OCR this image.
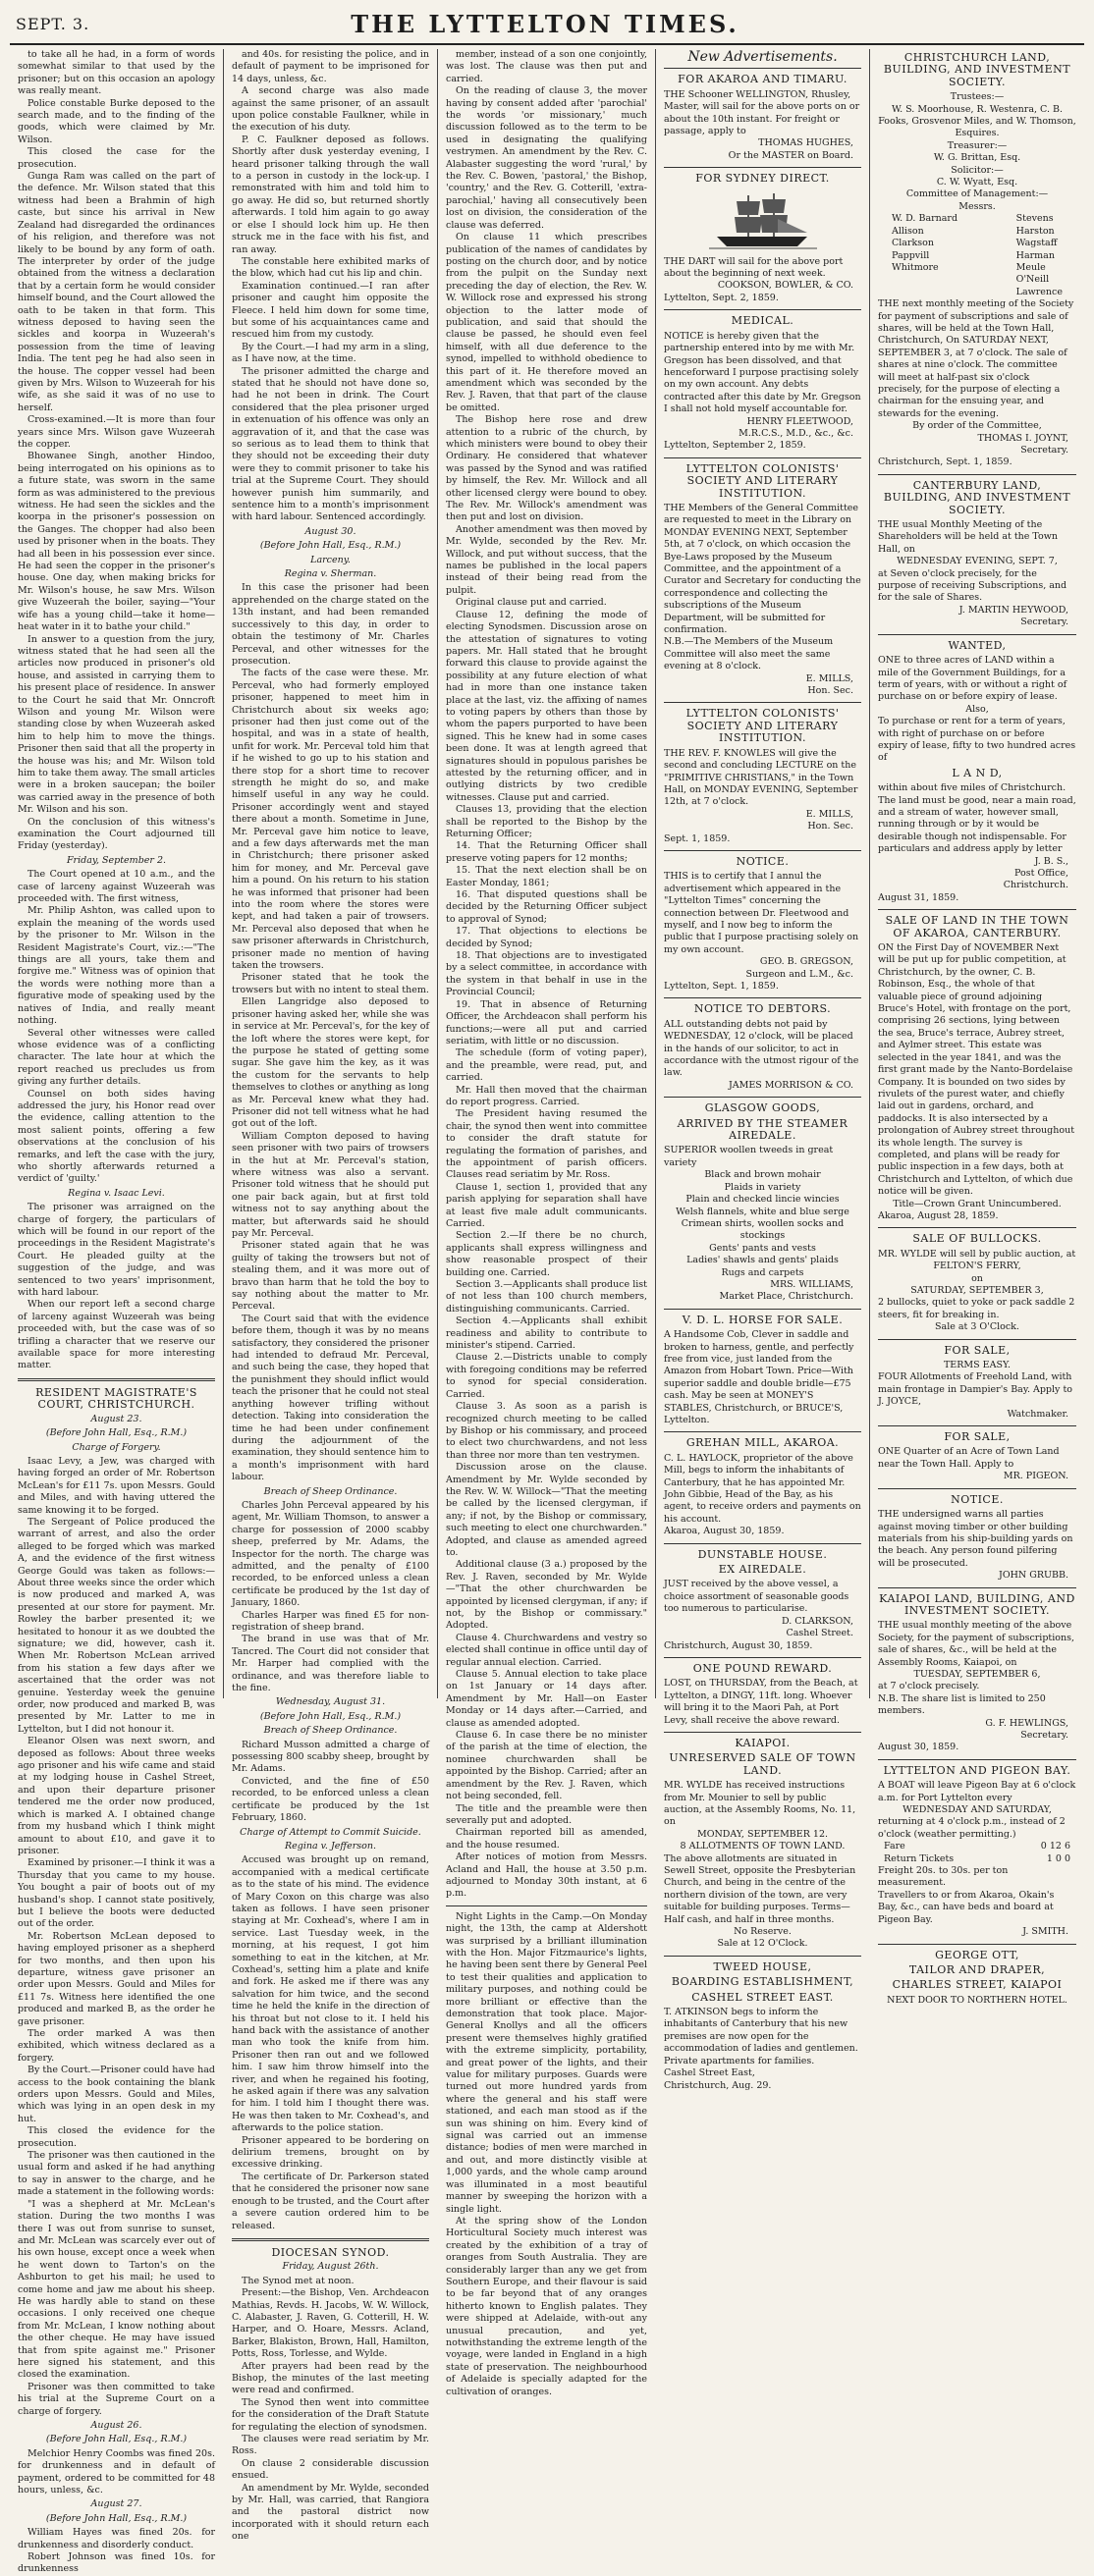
SEPT. 3.	THE LYTTELTON TIMES.

to take all he had, in a form of words somewhat similar to that used by the prisoner; but on this occasion an apology was really meant.

Police constable Burke deposed to the search made, and to the finding of the goods, which were claimed by Mr. Wilson.

This closed the case for the prosecution.

Gunga Ram was called on the part of the defence. Mr. Wilson stated that this witness had been a Brahmin of high caste, but since his arrival in New Zealand had disregarded the ordinances of his religion, and therefore was not likely to be bound by any form of oath. The interpreter by order of the judge obtained from the witness a declaration that by a certain form he would consider himself bound, and the Court allowed the oath to be taken in that form. This witness deposed to having seen the sickles and koorpa in Wuzeerah's possession from the time of leaving India. The tent peg he had also seen in the house. The copper vessel had been given by Mrs. Wilson to Wuzeerah for his wife, as she said it was of no use to herself.

Cross-examined.—It is more than four years since Mrs. Wilson gave Wuzeerah the copper.

Bhowanee Singh, another Hindoo, being interrogated on his opinions as to a future state, was sworn in the same form as was administered to the previous witness. He had seen the sickles and the koorpa in the prisoner's possession on the Ganges. The chopper had also been used by prisoner when in the boats. They had all been in his possession ever since. He had seen the copper in the prisoner's house. One day, when making bricks for Mr. Wilson's house, he saw Mrs. Wilson give Wuzeerah the boiler, saying—"Your wife has a young child—take it home—heat water in it to bathe your child."

In answer to a question from the jury, witness stated that he had seen all the articles now produced in prisoner's old house, and assisted in carrying them to his present place of residence. In answer to the Court he said that Mr. Onncroft Wilson and young Mr. Wilson were standing close by when Wuzeerah asked him to help him to move the things. Prisoner then said that all the property in the house was his; and Mr. Wilson told him to take them away. The small articles were in a broken saucepan; the boiler was carried away in the presence of both Mr. Wilson and his son.

On the conclusion of this witness's examination the Court adjourned till Friday (yesterday).

Friday, September 2.

The Court opened at 10 a.m., and the case of larceny against Wuzeerah was proceeded with. The first witness,

Mr. Philip Ashton, was called upon to explain the meaning of the words used by the prisoner to Mr. Wilson in the Resident Magistrate's Court, viz.:—"The things are all yours, take them and forgive me." Witness was of opinion that the words were nothing more than a figurative mode of speaking used by the natives of India, and really meant nothing.

Several other witnesses were called whose evidence was of a conflicting character. The late hour at which the report reached us precludes us from giving any further details.

Counsel on both sides having addressed the jury, his Honor read over the evidence, calling attention to the most salient points, offering a few observations at the conclusion of his remarks, and left the case with the jury, who shortly afterwards returned a verdict of 'guilty.'

Regina v. Isaac Levi.

The prisoner was arraigned on the charge of forgery, the particulars of which will be found in our report of the proceedings in the Resident Magistrate's Court. He pleaded guilty at the suggestion of the judge, and was sentenced to two years' imprisonment, with hard labour.

When our report left a second charge of larceny against Wuzeerah was being proceeded with, but the case was of so trifling a character that we reserve our available space for more interesting matter.

RESIDENT MAGISTRATE'S COURT, CHRISTCHURCH.
August 23.
(Before John Hall, Esq., R.M.)
Charge of Forgery.

Isaac Levy, a Jew, was charged with having forged an order of Mr. Robertson McLean's for £11 7s. upon Messrs. Gould and Miles, and with having uttered the same knowing it to be forged.

The Sergeant of Police produced the warrant of arrest, and also the order alleged to be forged which was marked A, and the evidence of the first witness George Gould was taken as follows:—About three weeks since the order which is now produced and marked A, was presented at our store for payment. Mr. Rowley the barber presented it; we hesitated to honour it as we doubted the signature; we did, however, cash it. When Mr. Robertson McLean arrived from his station a few days after we ascertained that the order was not genuine. Yesterday week the genuine order, now produced and marked B, was presented by Mr. Latter to me in Lyttelton, but I did not honour it.

Eleanor Olsen was next sworn, and deposed as follows: About three weeks ago prisoner and his wife came and staid at my lodging house in Cashel Street, and upon their departure prisoner tendered me the order now produced, which is marked A. I obtained change from my husband which I think might amount to about £10, and gave it to prisoner.

Examined by prisoner.—I think it was a Thursday that you came to my house. You bought a pair of boots out of my husband's shop. I cannot state positively, but I believe the boots were deducted out of the order.

Mr. Robertson McLean deposed to having employed prisoner as a shepherd for two months, and then upon his departure, witness gave prisoner an order upon Messrs. Gould and Miles for £11 7s. Witness here identified the one produced and marked B, as the order he gave prisoner.

The order marked A was then exhibited, which witness declared as a forgery.

By the Court.—Prisoner could have had access to the book containing the blank orders upon Messrs. Gould and Miles, which was lying in an open desk in my hut.

This closed the evidence for the prosecution.

The prisoner was then cautioned in the usual form and asked if he had anything to say in answer to the charge, and he made a statement in the following words:

"I was a shepherd at Mr. McLean's station. During the two months I was there I was out from sunrise to sunset, and Mr. McLean was scarcely ever out of his own house, except once a week when he went down to Tarton's on the Ashburton to get his mail; he used to come home and jaw me about his sheep. He was hardly able to stand on these occasions. I only received one cheque from Mr. McLean, I know nothing about the other cheque. He may have issued that from spite against me." Prisoner here signed his statement, and this closed the examination.

Prisoner was then committed to take his trial at the Supreme Court on a charge of forgery.

August 26.
(Before John Hall, Esq., R.M.)

Melchior Henry Coombs was fined 20s. for drunkenness and in default of payment, ordered to be committed for 48 hours, unless, &c.

August 27.
(Before John Hall, Esq., R.M.)

William Hayes was fined 20s. for drunkenness and disorderly conduct.

Robert Johnson was fined 10s. for drunkenness

and 40s. for resisting the police, and in default of payment to be imprisoned for 14 days, unless, &c.

A second charge was also made against the same prisoner, of an assault upon police constable Faulkner, while in the execution of his duty.

P. C. Faulkner deposed as follows. Shortly after dusk yesterday evening, I heard prisoner talking through the wall to a person in custody in the lock-up. I remonstrated with him and told him to go away. He did so, but returned shortly afterwards. I told him again to go away or else I should lock him up. He then struck me in the face with his fist, and ran away.

The constable here exhibited marks of the blow, which had cut his lip and chin.

Examination continued.—I ran after prisoner and caught him opposite the Fleece. I held him down for some time, but some of his acquaintances came and rescued him from my custody.

By the Court.—I had my arm in a sling, as I have now, at the time.

The prisoner admitted the charge and stated that he should not have done so, had he not been in drink. The Court considered that the plea prisoner urged in extenuation of his offence was only an aggravation of it, and that the case was so serious as to lead them to think that they should not be exceeding their duty were they to commit prisoner to take his trial at the Supreme Court. They should however punish him summarily, and sentence him to a month's imprisonment with hard labour. Sentenced accordingly.

August 30.
(Before John Hall, Esq., R.M.)
Larceny.
Regina v. Sherman.

In this case the prisoner had been apprehended on the charge stated on the 13th instant, and had been remanded successively to this day, in order to obtain the testimony of Mr. Charles Perceval, and other witnesses for the prosecution.

The facts of the case were these. Mr. Perceval, who had formerly employed prisoner, happened to meet him in Christchurch about six weeks ago; prisoner had then just come out of the hospital, and was in a state of health, unfit for work. Mr. Perceval told him that if he wished to go up to his station and there stop for a short time to recover strength he might do so, and make himself useful in any way he could. Prisoner accordingly went and stayed there about a month. Sometime in June, Mr. Perceval gave him notice to leave, and a few days afterwards met the man in Christchurch; there prisoner asked him for money, and Mr. Perceval gave him a pound. On his return to his station he was informed that prisoner had been into the room where the stores were kept, and had taken a pair of trowsers. Mr. Perceval also deposed that when he saw prisoner afterwards in Christchurch, prisoner made no mention of having taken the trowsers.

Prisoner stated that he took the trowsers but with no intent to steal them.

Ellen Langridge also deposed to prisoner having asked her, while she was in service at Mr. Perceval's, for the key of the loft where the stores were kept, for the purpose he stated of getting some sugar. She gave him the key, as it was the custom for the servants to help themselves to clothes or anything as long as Mr. Perceval knew what they had. Prisoner did not tell witness what he had got out of the loft.

William Compton deposed to having seen prisoner with two pairs of trowsers in the hut at Mr. Perceval's station, where witness was also a servant. Prisoner told witness that he should put one pair back again, but at first told witness not to say anything about the matter, but afterwards said he should pay Mr. Perceval.

Prisoner stated again that he was guilty of taking the trowsers but not of stealing them, and it was more out of bravo than harm that he told the boy to say nothing about the matter to Mr. Perceval.

The Court said that with the evidence before them, though it was by no means satisfactory, they considered the prisoner had intended to defraud Mr. Perceval, and such being the case, they hoped that the punishment they should inflict would teach the prisoner that he could not steal anything however trifling without detection. Taking into consideration the time he had been under confinement during the adjournment of the examination, they should sentence him to a month's imprisonment with hard labour.

Breach of Sheep Ordinance.

Charles John Perceval appeared by his agent, Mr. William Thomson, to answer a charge for possession of 2000 scabby sheep, preferred by Mr. Adams, the Inspector for the north. The charge was admitted, and the penalty of £100 recorded, to be enforced unless a clean certificate be produced by the 1st day of January, 1860.

Charles Harper was fined £5 for non-registration of sheep brand.

The brand in use was that of Mr. Tancred. The Court did not consider that Mr. Harper had complied with the ordinance, and was therefore liable to the fine.

Wednesday, August 31.
(Before John Hall, Esq., R.M.)
Breach of Sheep Ordinance.

Richard Musson admitted a charge of possessing 800 scabby sheep, brought by Mr. Adams.

Convicted, and the fine of £50 recorded, to be enforced unless a clean certificate be produced by the 1st February, 1860.

Charge of Attempt to Commit Suicide.
Regina v. Jefferson.

Accused was brought up on remand, accompanied with a medical certificate as to the state of his mind. The evidence of Mary Coxon on this charge was also taken as follows. I have seen prisoner staying at Mr. Coxhead's, where I am in service. Last Tuesday week, in the morning, at his request, I got him something to eat in the kitchen, at Mr. Coxhead's, setting him a plate and knife and fork. He asked me if there was any salvation for him twice, and the second time he held the knife in the direction of his throat but not close to it. I held his hand back with the assistance of another man who took the knife from him. Prisoner then ran out and we followed him. I saw him throw himself into the river, and when he regained his footing, he asked again if there was any salvation for him. I told him I thought there was. He was then taken to Mr. Coxhead's, and afterwards to the police station.

Prisoner appeared to be bordering on delirium tremens, brought on by excessive drinking.

The certificate of Dr. Parkerson stated that he considered the prisoner now sane enough to be trusted, and the Court after a severe caution ordered him to be released.

DIOCESAN SYNOD.
Friday, August 26th.

The Synod met at noon.

Present:—the Bishop, Ven. Archdeacon Mathias, Revds. H. Jacobs, W. W. Willock, C. Alabaster, J. Raven, G. Cotterill, H. W. Harper, and O. Hoare, Messrs. Acland, Barker, Blakiston, Brown, Hall, Hamilton, Potts, Ross, Torlesse, and Wylde.

After prayers had been read by the Bishop, the minutes of the last meeting were read and confirmed.

The Synod then went into committee for the consideration of the Draft Statute for regulating the election of synodsmen.

The clauses were read seriatim by Mr. Ross.

On clause 2 considerable discussion ensued.

An amendment by Mr. Wylde, seconded by Mr. Hall, was carried, that Rangiora and the pastoral district now incorporated with it should return each one

member, instead of a son one conjointly, was lost. The clause was then put and carried.

On the reading of clause 3, the mover having by consent added after 'parochial' the words 'or missionary,' much discussion followed as to the term to be used in designating the qualifying vestrymen. An amendment by the Rev. C. Alabaster suggesting the word 'rural,' by the Rev. C. Bowen, 'pastoral,' the Bishop, 'country,' and the Rev. G. Cotterill, 'extra-parochial,' having all consecutively been lost on division, the consideration of the clause was deferred.

On clause 11 which prescribes publication of the names of candidates by posting on the church door, and by notice from the pulpit on the Sunday next preceding the day of election, the Rev. W. W. Willock rose and expressed his strong objection to the latter mode of publication, and said that should the clause be passed, he should even feel himself, with all due deference to the synod, impelled to withhold obedience to this part of it. He therefore moved an amendment which was seconded by the Rev. J. Raven, that that part of the clause be omitted.

The Bishop here rose and drew attention to a rubric of the church, by which ministers were bound to obey their Ordinary. He considered that whatever was passed by the Synod and was ratified by himself, the Rev. Mr. Willock and all other licensed clergy were bound to obey. The Rev. Mr. Willock's amendment was then put and lost on division.

Another amendment was then moved by Mr. Wylde, seconded by the Rev. Mr. Willock, and put without success, that the names be published in the local papers instead of their being read from the pulpit.

Original clause put and carried.

Clause 12, defining the mode of electing Synodsmen. Discussion arose on the attestation of signatures to voting papers. Mr. Hall stated that he brought forward this clause to provide against the possibility at any future election of what had in more than one instance taken place at the last, viz. the affixing of names to voting papers by others than those by whom the papers purported to have been signed. This he knew had in some cases been done. It was at length agreed that signatures should in populous parishes be attested by the returning officer, and in outlying districts by two credible witnesses. Clause put and carried.

Clauses 13, providing that the election shall be reported to the Bishop by the Returning Officer;

14. That the Returning Officer shall preserve voting papers for 12 months;

15. That the next election shall be on Easter Monday, 1861;

16. That disputed questions shall be decided by the Returning Officer subject to approval of Synod;

17. That objections to elections be decided by Synod;

18. That objections are to investigated by a select committee, in accordance with the system in that behalf in use in the Provincial Council;

19. That in absence of Returning Officer, the Archdeacon shall perform his functions;—were all put and carried seriatim, with little or no discussion.

The schedule (form of voting paper), and the preamble, were read, put, and carried.

Mr. Hall then moved that the chairman do report progress. Carried.

The President having resumed the chair, the synod then went into committee to consider the draft statute for regulating the formation of parishes, and the appointment of parish officers. Clauses read seriatim by Mr. Ross.

Clause 1, section 1, provided that any parish applying for separation shall have at least five male adult communicants. Carried.

Section 2.—If there be no church, applicants shall express willingness and show reasonable prospect of their building one. Carried.

Section 3.—Applicants shall produce list of not less than 100 church members, distinguishing communicants. Carried.

Section 4.—Applicants shall exhibit readiness and ability to contribute to minister's stipend. Carried.

Clause 2.—Districts unable to comply with foregoing conditions may be referred to synod for special consideration. Carried.

Clause 3. As soon as a parish is recognized church meeting to be called by Bishop or his commissary, and proceed to elect two churchwardens, and not less than three nor more than ten vestrymen.

Discussion arose on the clause. Amendment by Mr. Wylde seconded by the Rev. W. W. Willock—"That the meeting be called by the licensed clergyman, if any; if not, by the Bishop or commissary, such meeting to elect one churchwarden." Adopted, and clause as amended agreed to.

Additional clause (3 a.) proposed by the Rev. J. Raven, seconded by Mr. Wylde—"That the other churchwarden be appointed by licensed clergyman, if any; if not, by the Bishop or commissary." Adopted.

Clause 4. Churchwardens and vestry so elected shall continue in office until day of regular annual election. Carried.

Clause 5. Annual election to take place on 1st January or 14 days after. Amendment by Mr. Hall—on Easter Monday or 14 days after.—Carried, and clause as amended adopted.

Clause 6. In case there be no minister of the parish at the time of election, the nominee churchwarden shall be appointed by the Bishop. Carried; after an amendment by the Rev. J. Raven, which not being seconded, fell.

The title and the preamble were then severally put and adopted.

Chairman reported bill as amended, and the house resumed.

After notices of motion from Messrs. Acland and Hall, the house at 3.50 p.m. adjourned to Monday 30th instant, at 6 p.m.

Night Lights in the Camp.—On Monday night, the 13th, the camp at Aldershott was surprised by a brilliant illumination with the Hon. Major Fitzmaurice's lights, he having been sent there by General Peel to test their qualities and application to military purposes, and nothing could be more brilliant or effective than the demonstration that took place. Major-General Knollys and all the officers present were themselves highly gratified with the extreme simplicity, portability, and great power of the lights, and their value for military purposes. Guards were turned out more hundred yards from where the general and his staff were stationed, and each man stood as if the sun was shining on him. Every kind of signal was carried out an immense distance; bodies of men were marched in and out, and more distinctly visible at 1,000 yards, and the whole camp around was illuminated in a most beautiful manner by sweeping the horizon with a single light.

At the spring show of the London Horticultural Society much interest was created by the exhibition of a tray of oranges from South Australia. They are considerably larger than any we get from Southern Europe, and their flavour is said to be far beyond that of any oranges hitherto known to English palates. They were shipped at Adelaide, with-out any unusual precaution, and yet, notwithstanding the extreme length of the voyage, were landed in England in a high state of preservation. The neighbourhood of Adelaide is specially adapted for the cultivation of oranges.

New Advertisements.
FOR AKAROA AND TIMARU.
THE Schooner WELLINGTON, Rhusley, Master, will sail for the above ports on or about the 10th instant. For freight or passage, apply to
THOMAS HUGHES,
Or the MASTER on Board.
FOR SYDNEY DIRECT.
THE DART will sail for the above port about the beginning of next week.
COOKSON, BOWLER, & CO.
Lyttelton, Sept. 2, 1859.
MEDICAL.
NOTICE is hereby given that the partnership entered into by me with Mr. Gregson has been dissolved, and that henceforward I purpose practising solely on my own account. Any debts contracted after this date by Mr. Gregson I shall not hold myself accountable for.
HENRY FLEETWOOD,
M.R.C.S., M.D., &c., &c.
Lyttelton, September 2, 1859.
LYTTELTON COLONISTS' SOCIETY AND LITERARY INSTITUTION.
THE Members of the General Committee are requested to meet in the Library on MONDAY EVENING NEXT, September 5th, at 7 o'clock, on which occasion the Bye-Laws proposed by the Museum Committee, and the appointment of a Curator and Secretary for conducting the correspondence and collecting the subscriptions of the Museum Department, will be submitted for confirmation.
N.B.—The Members of the Museum Committee will also meet the same evening at 8 o'clock.
E. MILLS,
Hon. Sec.
LYTTELTON COLONISTS' SOCIETY AND LITERARY INSTITUTION.
THE REV. F. KNOWLES will give the second and concluding LECTURE on the "PRIMITIVE CHRISTIANS," in the Town Hall, on MONDAY EVENING, September 12th, at 7 o'clock.
E. MILLS,
Hon. Sec.
Sept. 1, 1859.
NOTICE.
THIS is to certify that I annul the advertisement which appeared in the "Lyttelton Times" concerning the connection between Dr. Fleetwood and myself, and I now beg to inform the public that I purpose practising solely on my own account.
GEO. B. GREGSON,
Surgeon and L.M., &c.
Lyttelton, Sept. 1, 1859.
NOTICE TO DEBTORS.
ALL outstanding debts not paid by WEDNESDAY, 12 o'clock, will be placed in the hands of our solicitor, to act in accordance with the utmost rigour of the law.
JAMES MORRISON & CO.
GLASGOW GOODS,
ARRIVED BY THE STEAMER AIREDALE.
SUPERIOR woollen tweeds in great variety
Black and brown mohair
Plaids in variety
Plain and checked lincie wincies
Welsh flannels, white and blue serge
Crimean shirts, woollen socks and stockings
Gents' pants and vests
Ladies' shawls and gents' plaids
Rugs and carpets
MRS. WILLIAMS,
Market Place, Christchurch.
V. D. L. HORSE FOR SALE.
A Handsome Cob, Clever in saddle and broken to harness, gentle, and perfectly free from vice, just landed from the Amazon from Hobart Town. Price—With superior saddle and double bridle—£75 cash. May be seen at MONEY'S STABLES, Christchurch, or BRUCE'S, Lyttelton.
GREHAN MILL, AKAROA.
C. L. HAYLOCK, proprietor of the above Mill, begs to inform the inhabitants of Canterbury, that he has appointed Mr. John Gibbie, Head of the Bay, as his agent, to receive orders and payments on his account.
Akaroa, August 30, 1859.
DUNSTABLE HOUSE.
EX AIREDALE.
JUST received by the above vessel, a choice assortment of seasonable goods too numerous to particularise.
D. CLARKSON,
Cashel Street.
Christchurch, August 30, 1859.
ONE POUND REWARD.
LOST, on THURSDAY, from the Beach, at Lyttelton, a DINGY, 11ft. long. Whoever will bring it to the Maori Pah, at Port Levy, shall receive the above reward.
KAIAPOI.
UNRESERVED SALE OF TOWN LAND.
MR. WYLDE has received instructions from Mr. Mounier to sell by public auction, at the Assembly Rooms, No. 11, on
MONDAY, SEPTEMBER 12.
8 ALLOTMENTS OF TOWN LAND.
The above allotments are situated in Sewell Street, opposite the Presbyterian Church, and being in the centre of the northern division of the town, are very suitable for building purposes. Terms—Half cash, and half in three months.
No Reserve.
Sale at 12 O'Clock.
TWEED HOUSE,
BOARDING ESTABLISHMENT,
CASHEL STREET EAST.
T. ATKINSON begs to inform the inhabitants of Canterbury that his new premises are now open for the accommodation of ladies and gentlemen. Private apartments for families.
Cashel Street East,
Christchurch, Aug. 29.
CHRISTCHURCH LAND, BUILDING, AND INVESTMENT SOCIETY.
Trustees:—
W. S. Moorhouse, R. Westenra, C. B. Fooks, Grosvenor Miles, and W. Thomson, Esquires.
Treasurer:—
W. G. Brittan, Esq.
Solicitor:—
C. W. Wyatt, Esq.
Committee of Management:—
Messrs.
W. D. Barnard
Allison
Clarkson
Pappvill
Whitmore
Stevens
Harston
Wagstaff
Harman
Meule
O'Neill
Lawrence
THE next monthly meeting of the Society for payment of subscriptions and sale of shares, will be held at the Town Hall, Christchurch, On SATURDAY NEXT, SEPTEMBER 3, at 7 o'clock. The sale of shares at nine o'clock. The committee will meet at half-past six o'clock precisely, for the purpose of electing a chairman for the ensuing year, and stewards for the evening.
By order of the Committee,
THOMAS I. JOYNT,
Secretary.
Christchurch, Sept. 1, 1859.
CANTERBURY LAND, BUILDING, AND INVESTMENT SOCIETY.
THE usual Monthly Meeting of the Shareholders will be held at the Town Hall, on
WEDNESDAY EVENING, SEPT. 7,
at Seven o'clock precisely, for the purpose of receiving Subscriptions, and for the sale of Shares.
J. MARTIN HEYWOOD,
Secretary.
WANTED,
ONE to three acres of LAND within a mile of the Government Buildings, for a term of years, with or without a right of purchase on or before expiry of lease.
Also,
To purchase or rent for a term of years, with right of purchase on or before expiry of lease, fifty to two hundred acres of
L A N D,
within about five miles of Christchurch. The land must be good, near a main road, and a stream of water, however small, running through or by it would be desirable though not indispensable. For particulars and address apply by letter
J. B. S.,
Post Office,
Christchurch.
August 31, 1859.
SALE OF LAND IN THE TOWN OF AKAROA, CANTERBURY.
ON the First Day of NOVEMBER Next will be put up for public competition, at Christchurch, by the owner, C. B. Robinson, Esq., the whole of that valuable piece of ground adjoining Bruce's Hotel, with frontage on the port, comprising 26 sections, lying between the sea, Bruce's terrace, Aubrey street, and Aylmer street. This estate was selected in the year 1841, and was the first grant made by the Nanto-Bordelaise Company. It is bounded on two sides by rivulets of the purest water, and chiefly laid out in gardens, orchard, and paddocks. It is also intersected by a prolongation of Aubrey street throughout its whole length. The survey is completed, and plans will be ready for public inspection in a few days, both at Christchurch and Lyttelton, of which due notice will be given.
Title—Crown Grant Unincumbered.
Akaroa, August 28, 1859.
SALE OF BULLOCKS.
MR. WYLDE will sell by public auction, at
FELTON'S FERRY,
on
SATURDAY, SEPTEMBER 3,
2 bullocks, quiet to yoke or pack saddle 2 steers, fit for breaking in.
Sale at 3 O'Clock.
FOR SALE,
TERMS EASY.
FOUR Allotments of Freehold Land, with main frontage in Dampier's Bay. Apply to J. JOYCE,
Watchmaker.
FOR SALE,
ONE Quarter of an Acre of Town Land near the Town Hall. Apply to
MR. PIGEON.
NOTICE.
THE undersigned warns all parties against moving timber or other building materials from his ship-building yards on the beach. Any person found pilfering will be prosecuted.
JOHN GRUBB.
KAIAPOI LAND, BUILDING, AND INVESTMENT SOCIETY.
THE usual monthly meeting of the above Society, for the payment of subscriptions, sale of shares, &c., will be held at the Assembly Rooms, Kaiapoi, on
TUESDAY, SEPTEMBER 6,
at 7 o'clock precisely.
N.B. The share list is limited to 250 members.
G. F. HEWLINGS,
Secretary.
August 30, 1859.
LYTTELTON AND PIGEON BAY.
A BOAT will leave Pigeon Bay at 6 o'clock a.m. for Port Lyttelton every
WEDNESDAY AND SATURDAY,
returning at 4 o'clock p.m., instead of 2 o'clock (weather permitting.)
Fare	0 12 6
Return Tickets	1 0 0
Freight 20s. to 30s. per ton measurement.
Travellers to or from Akaroa, Okain's Bay, &c., can have beds and board at Pigeon Bay.
J. SMITH.
GEORGE OTT,
TAILOR AND DRAPER,
CHARLES STREET, KAIAPOI
NEXT DOOR TO NORTHERN HOTEL.
